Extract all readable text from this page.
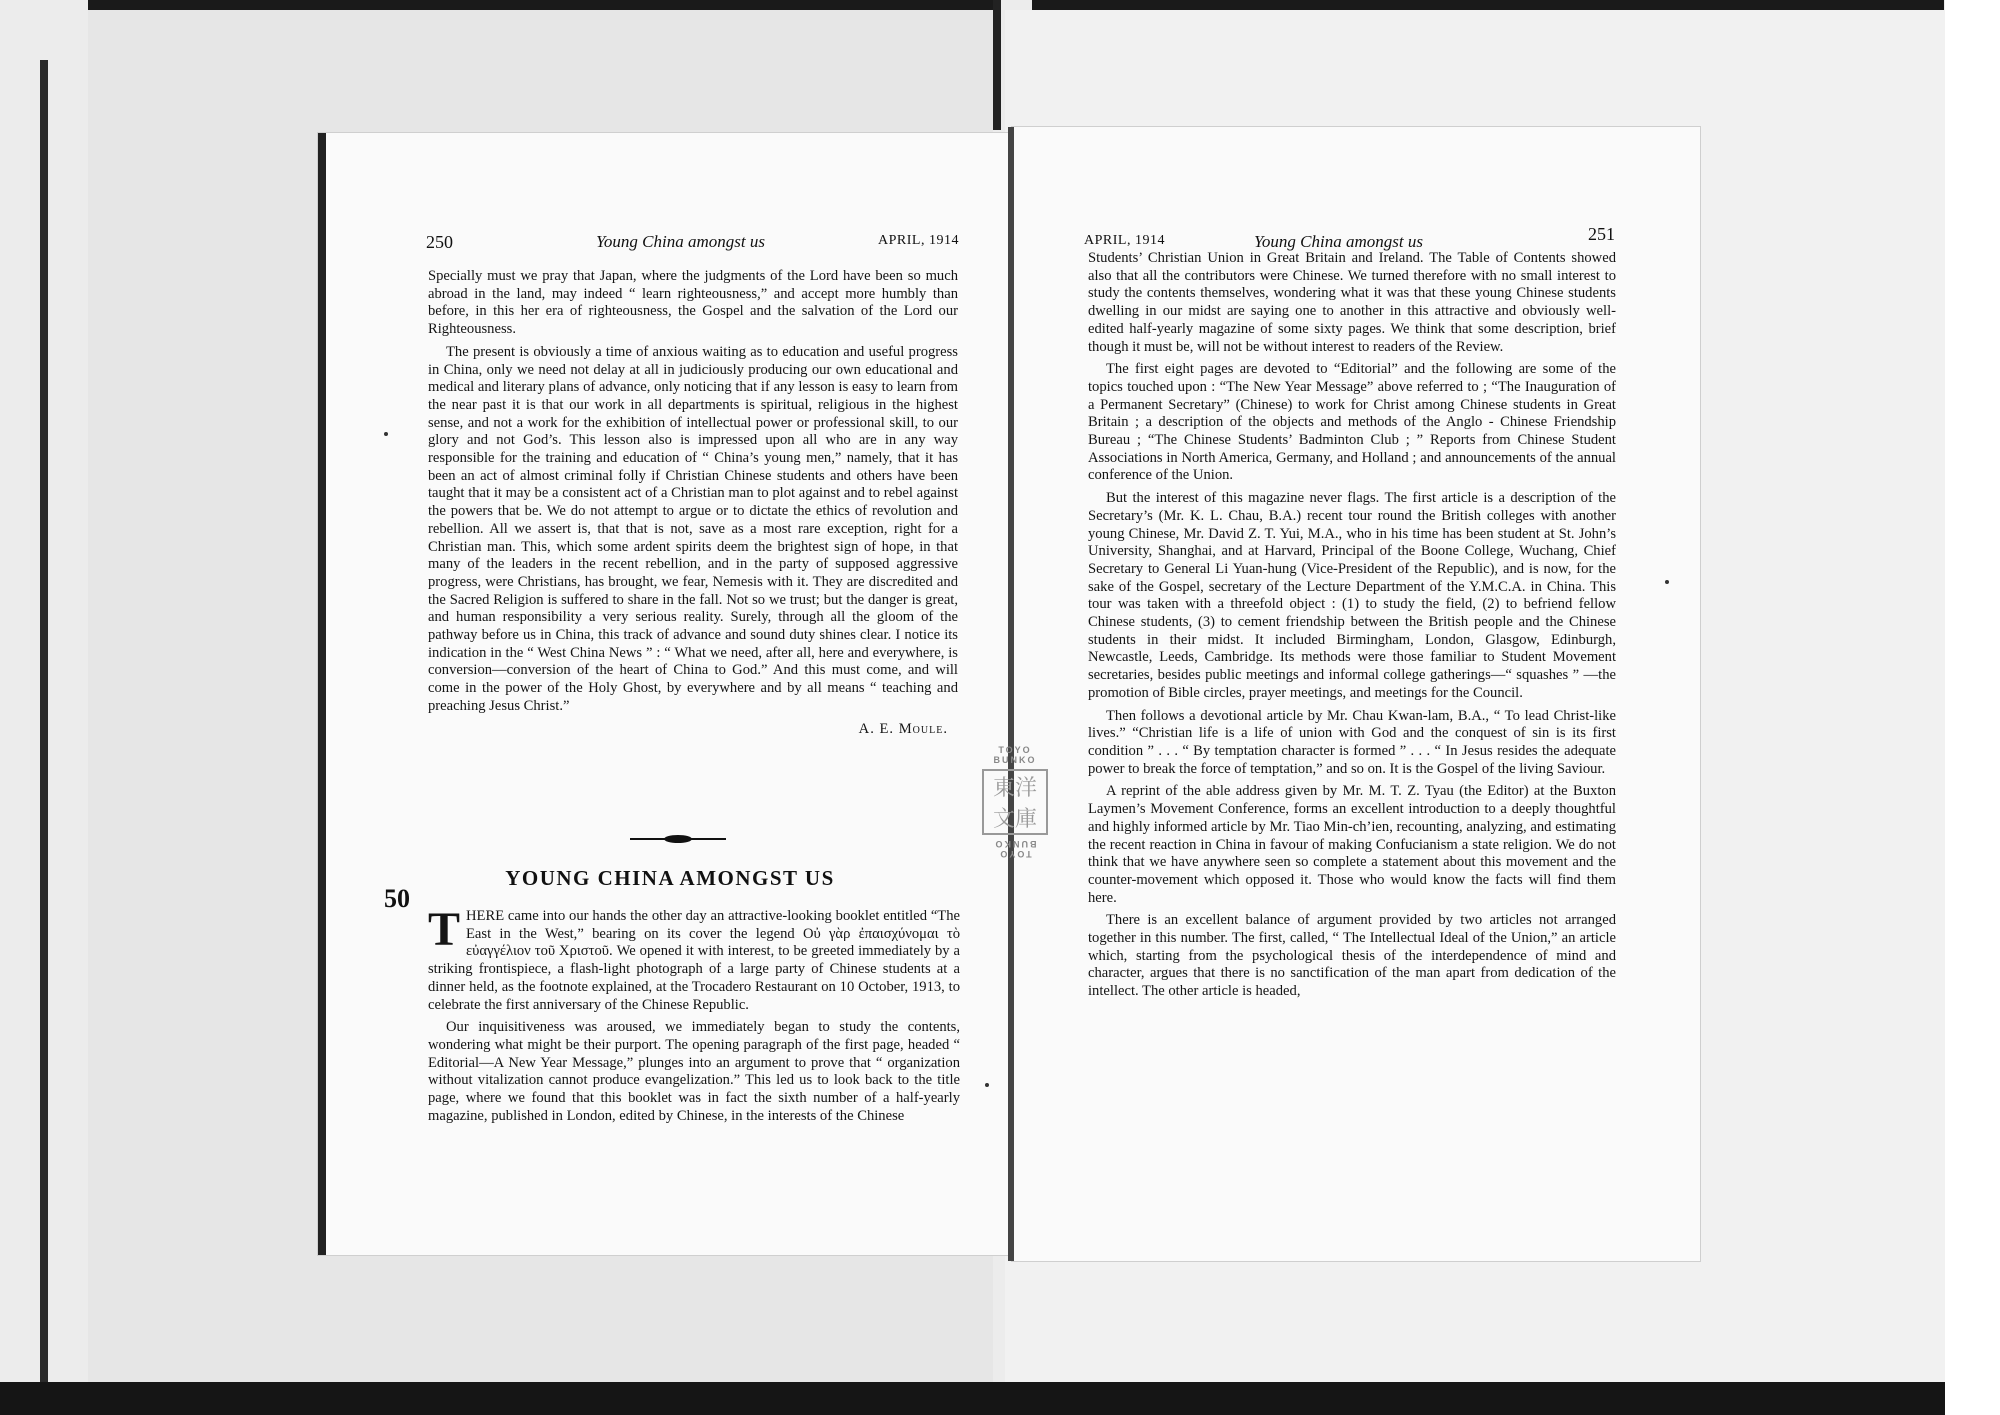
250	Young China amongst us	APRIL, 1914

Specially must we pray that Japan, where the judgments of the Lord have been so much abroad in the land, may indeed “ learn righteousness,” and accept more humbly than before, in this her era of righteousness, the Gospel and the salvation of the Lord our Righteousness.

The present is obviously a time of anxious waiting as to education and useful progress in China, only we need not delay at all in judiciously producing our own educational and medical and literary plans of advance, only noticing that if any lesson is easy to learn from the near past it is that our work in all departments is spiritual, religious in the highest sense, and not a work for the exhibition of intellectual power or professional skill, to our glory and not God’s. This lesson also is impressed upon all who are in any way responsible for the training and education of “ China’s young men,” namely, that it has been an act of almost criminal folly if Christian Chinese students and others have been taught that it may be a consistent act of a Christian man to plot against and to rebel against the powers that be. We do not attempt to argue or to dictate the ethics of revolution and rebellion. All we assert is, that that is not, save as a most rare exception, right for a Christian man. This, which some ardent spirits deem the brightest sign of hope, in that many of the leaders in the recent rebellion, and in the party of supposed aggressive progress, were Christians, has brought, we fear, Nemesis with it. They are discredited and the Sacred Religion is suffered to share in the fall. Not so we trust; but the danger is great, and human responsibility a very serious reality. Surely, through all the gloom of the pathway before us in China, this track of advance and sound duty shines clear. I notice its indication in the “ West China News ” : “ What we need, after all, here and everywhere, is conversion—conversion of the heart of China to God.” And this must come, and will come in the power of the Holy Ghost, by everywhere and by all means “ teaching and preaching Jesus Christ.”

A. E. Moule.
50
YOUNG CHINA AMONGST US

THERE came into our hands the other day an attractive-looking booklet entitled “The East in the West,” bearing on its cover the legend Οὐ γὰρ ἐπαισχύνομαι τὸ εὐαγγέλιον τοῦ Χριστοῦ. We opened it with interest, to be greeted immediately by a striking frontispiece, a flash-light photograph of a large party of Chinese students at a dinner held, as the footnote explained, at the Trocadero Restaurant on 10 October, 1913, to celebrate the first anniversary of the Chinese Republic.

Our inquisitiveness was aroused, we immediately began to study the contents, wondering what might be their purport. The opening paragraph of the first page, headed “ Editorial—A New Year Message,” plunges into an argument to prove that “ organization without vitalization cannot produce evangelization.” This led us to look back to the title page, where we found that this booklet was in fact the sixth number of a half-yearly magazine, published in London, edited by Chinese, in the interests of the Chinese

APRIL, 1914	Young China amongst us	251

Students’ Christian Union in Great Britain and Ireland. The Table of Contents showed also that all the contributors were Chinese. We turned therefore with no small interest to study the contents themselves, wondering what it was that these young Chinese students dwelling in our midst are saying one to another in this attractive and obviously well-edited half-yearly magazine of some sixty pages. We think that some description, brief though it must be, will not be without interest to readers of the Review.

The first eight pages are devoted to “Editorial” and the following are some of the topics touched upon : “The New Year Message” above referred to ; “The Inauguration of a Permanent Secretary” (Chinese) to work for Christ among Chinese students in Great Britain ; a description of the objects and methods of the Anglo - Chinese Friendship Bureau ; “The Chinese Students’ Badminton Club ; ” Reports from Chinese Student Associations in North America, Germany, and Holland ; and announcements of the annual conference of the Union.

But the interest of this magazine never flags. The first article is a description of the Secretary’s (Mr. K. L. Chau, B.A.) recent tour round the British colleges with another young Chinese, Mr. David Z. T. Yui, M.A., who in his time has been student at St. John’s University, Shanghai, and at Harvard, Principal of the Boone College, Wuchang, Chief Secretary to General Li Yuan-hung (Vice-President of the Republic), and is now, for the sake of the Gospel, secretary of the Lecture Department of the Y.M.C.A. in China. This tour was taken with a threefold object : (1) to study the field, (2) to befriend fellow Chinese students, (3) to cement friendship between the British people and the Chinese students in their midst. It included Birmingham, London, Glasgow, Edinburgh, Newcastle, Leeds, Cambridge. Its methods were those familiar to Student Movement secretaries, besides public meetings and informal college gatherings—“ squashes ” —the promotion of Bible circles, prayer meetings, and meetings for the Council.

Then follows a devotional article by Mr. Chau Kwan-lam, B.A., “ To lead Christ-like lives.” “Christian life is a life of union with God and the conquest of sin is its first condition ” . . . “ By temptation character is formed ” . . . “ In Jesus resides the adequate power to break the force of temptation,” and so on. It is the Gospel of the living Saviour.

A reprint of the able address given by Mr. M. T. Z. Tyau (the Editor) at the Buxton Laymen’s Movement Conference, forms an excellent introduction to a deeply thoughtful and highly informed article by Mr. Tiao Min-ch’ien, recounting, analyzing, and estimating the recent reaction in China in favour of making Confucianism a state religion. We do not think that we have anywhere seen so complete a statement about this movement and the counter-movement which opposed it. Those who would know the facts will find them here.

There is an excellent balance of argument provided by two articles not arranged together in this number. The first, called, “ The Intellectual Ideal of the Union,” an article which, starting from the psychological thesis of the interdependence of mind and character, argues that there is no sanctification of the man apart from dedication of the intellect. The other article is headed,

TOYO BUNKO
東洋文庫
TOYO BUNKO
